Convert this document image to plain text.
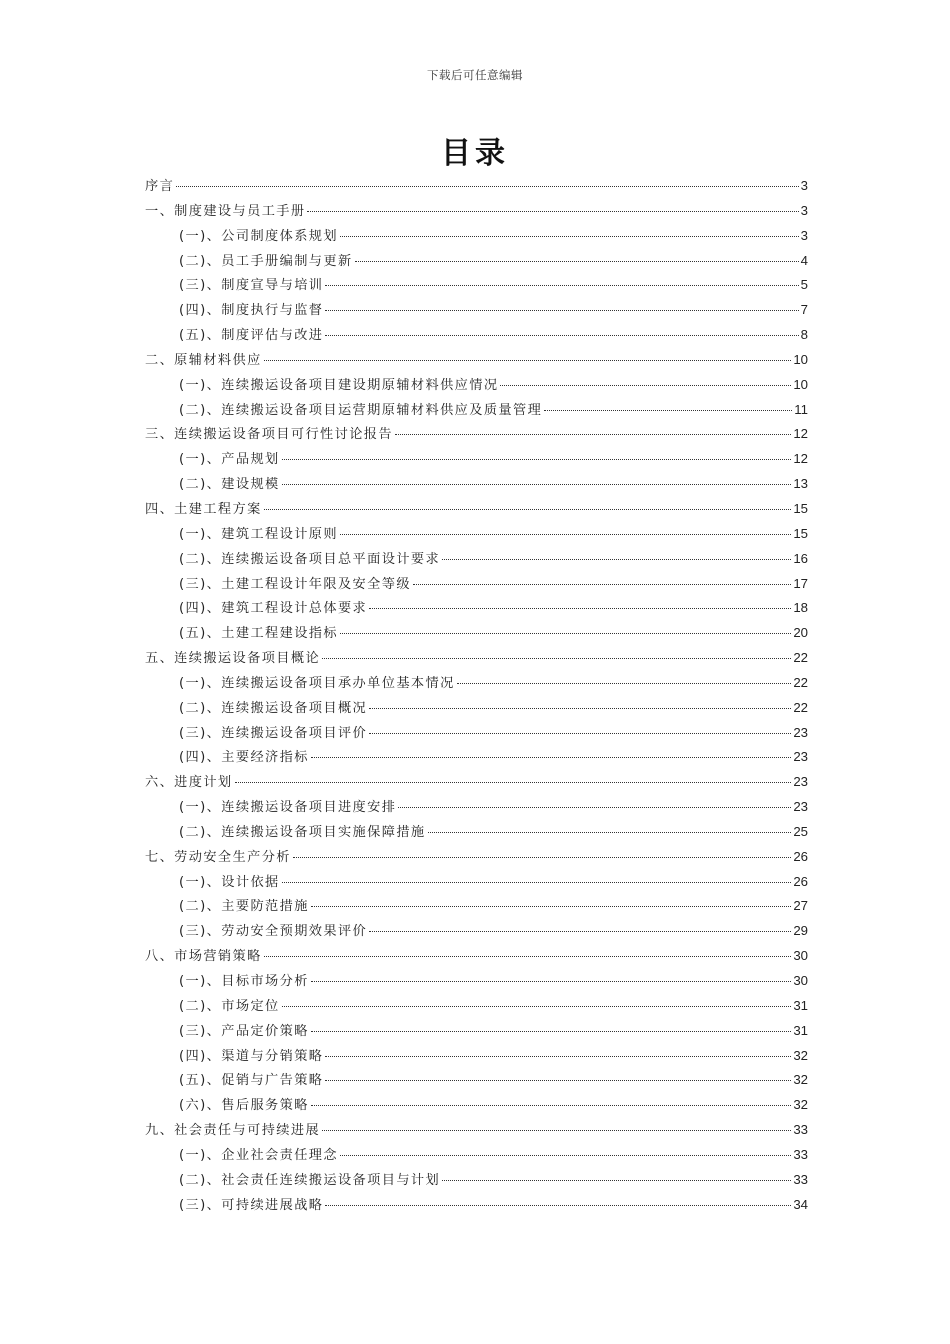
下载后可任意编辑
目录
序言	3
一、制度建设与员工手册	3
(一)、公司制度体系规划	3
(二)、员工手册编制与更新	4
(三)、制度宣导与培训	5
(四)、制度执行与监督	7
(五)、制度评估与改进	8
二、原辅材料供应	10
(一)、连续搬运设备项目建设期原辅材料供应情况	10
(二)、连续搬运设备项目运营期原辅材料供应及质量管理	11
三、连续搬运设备项目可行性讨论报告	12
(一)、产品规划	12
(二)、建设规模	13
四、土建工程方案	15
(一)、建筑工程设计原则	15
(二)、连续搬运设备项目总平面设计要求	16
(三)、土建工程设计年限及安全等级	17
(四)、建筑工程设计总体要求	18
(五)、土建工程建设指标	20
五、连续搬运设备项目概论	22
(一)、连续搬运设备项目承办单位基本情况	22
(二)、连续搬运设备项目概况	22
(三)、连续搬运设备项目评价	23
(四)、主要经济指标	23
六、进度计划	23
(一)、连续搬运设备项目进度安排	23
(二)、连续搬运设备项目实施保障措施	25
七、劳动安全生产分析	26
(一)、设计依据	26
(二)、主要防范措施	27
(三)、劳动安全预期效果评价	29
八、市场营销策略	30
(一)、目标市场分析	30
(二)、市场定位	31
(三)、产品定价策略	31
(四)、渠道与分销策略	32
(五)、促销与广告策略	32
(六)、售后服务策略	32
九、社会责任与可持续进展	33
(一)、企业社会责任理念	33
(二)、社会责任连续搬运设备项目与计划	33
(三)、可持续进展战略	34
